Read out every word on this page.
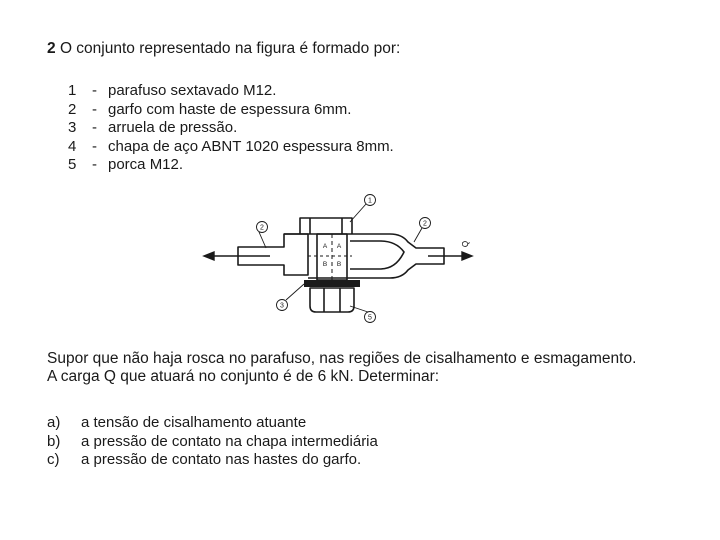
2 O conjunto representado na figura é formado por:
1	- parafuso sextavado M12.
2	- garfo com haste de espessura 6mm.
3	- arruela de pressão.
4	- chapa de aço ABNT 1020 espessura 8mm.
5	- porca M12.
A A
B B
Q
1
2
2
3
5
Supor que não haja rosca no parafuso, nas regiões de cisalhamento e esmagamento.
A carga Q que atuará no conjunto é de 6 kN. Determinar:
a)	a tensão de cisalhamento atuante
b)	a pressão de contato na chapa intermediária
c)	a pressão de contato nas hastes do garfo.
